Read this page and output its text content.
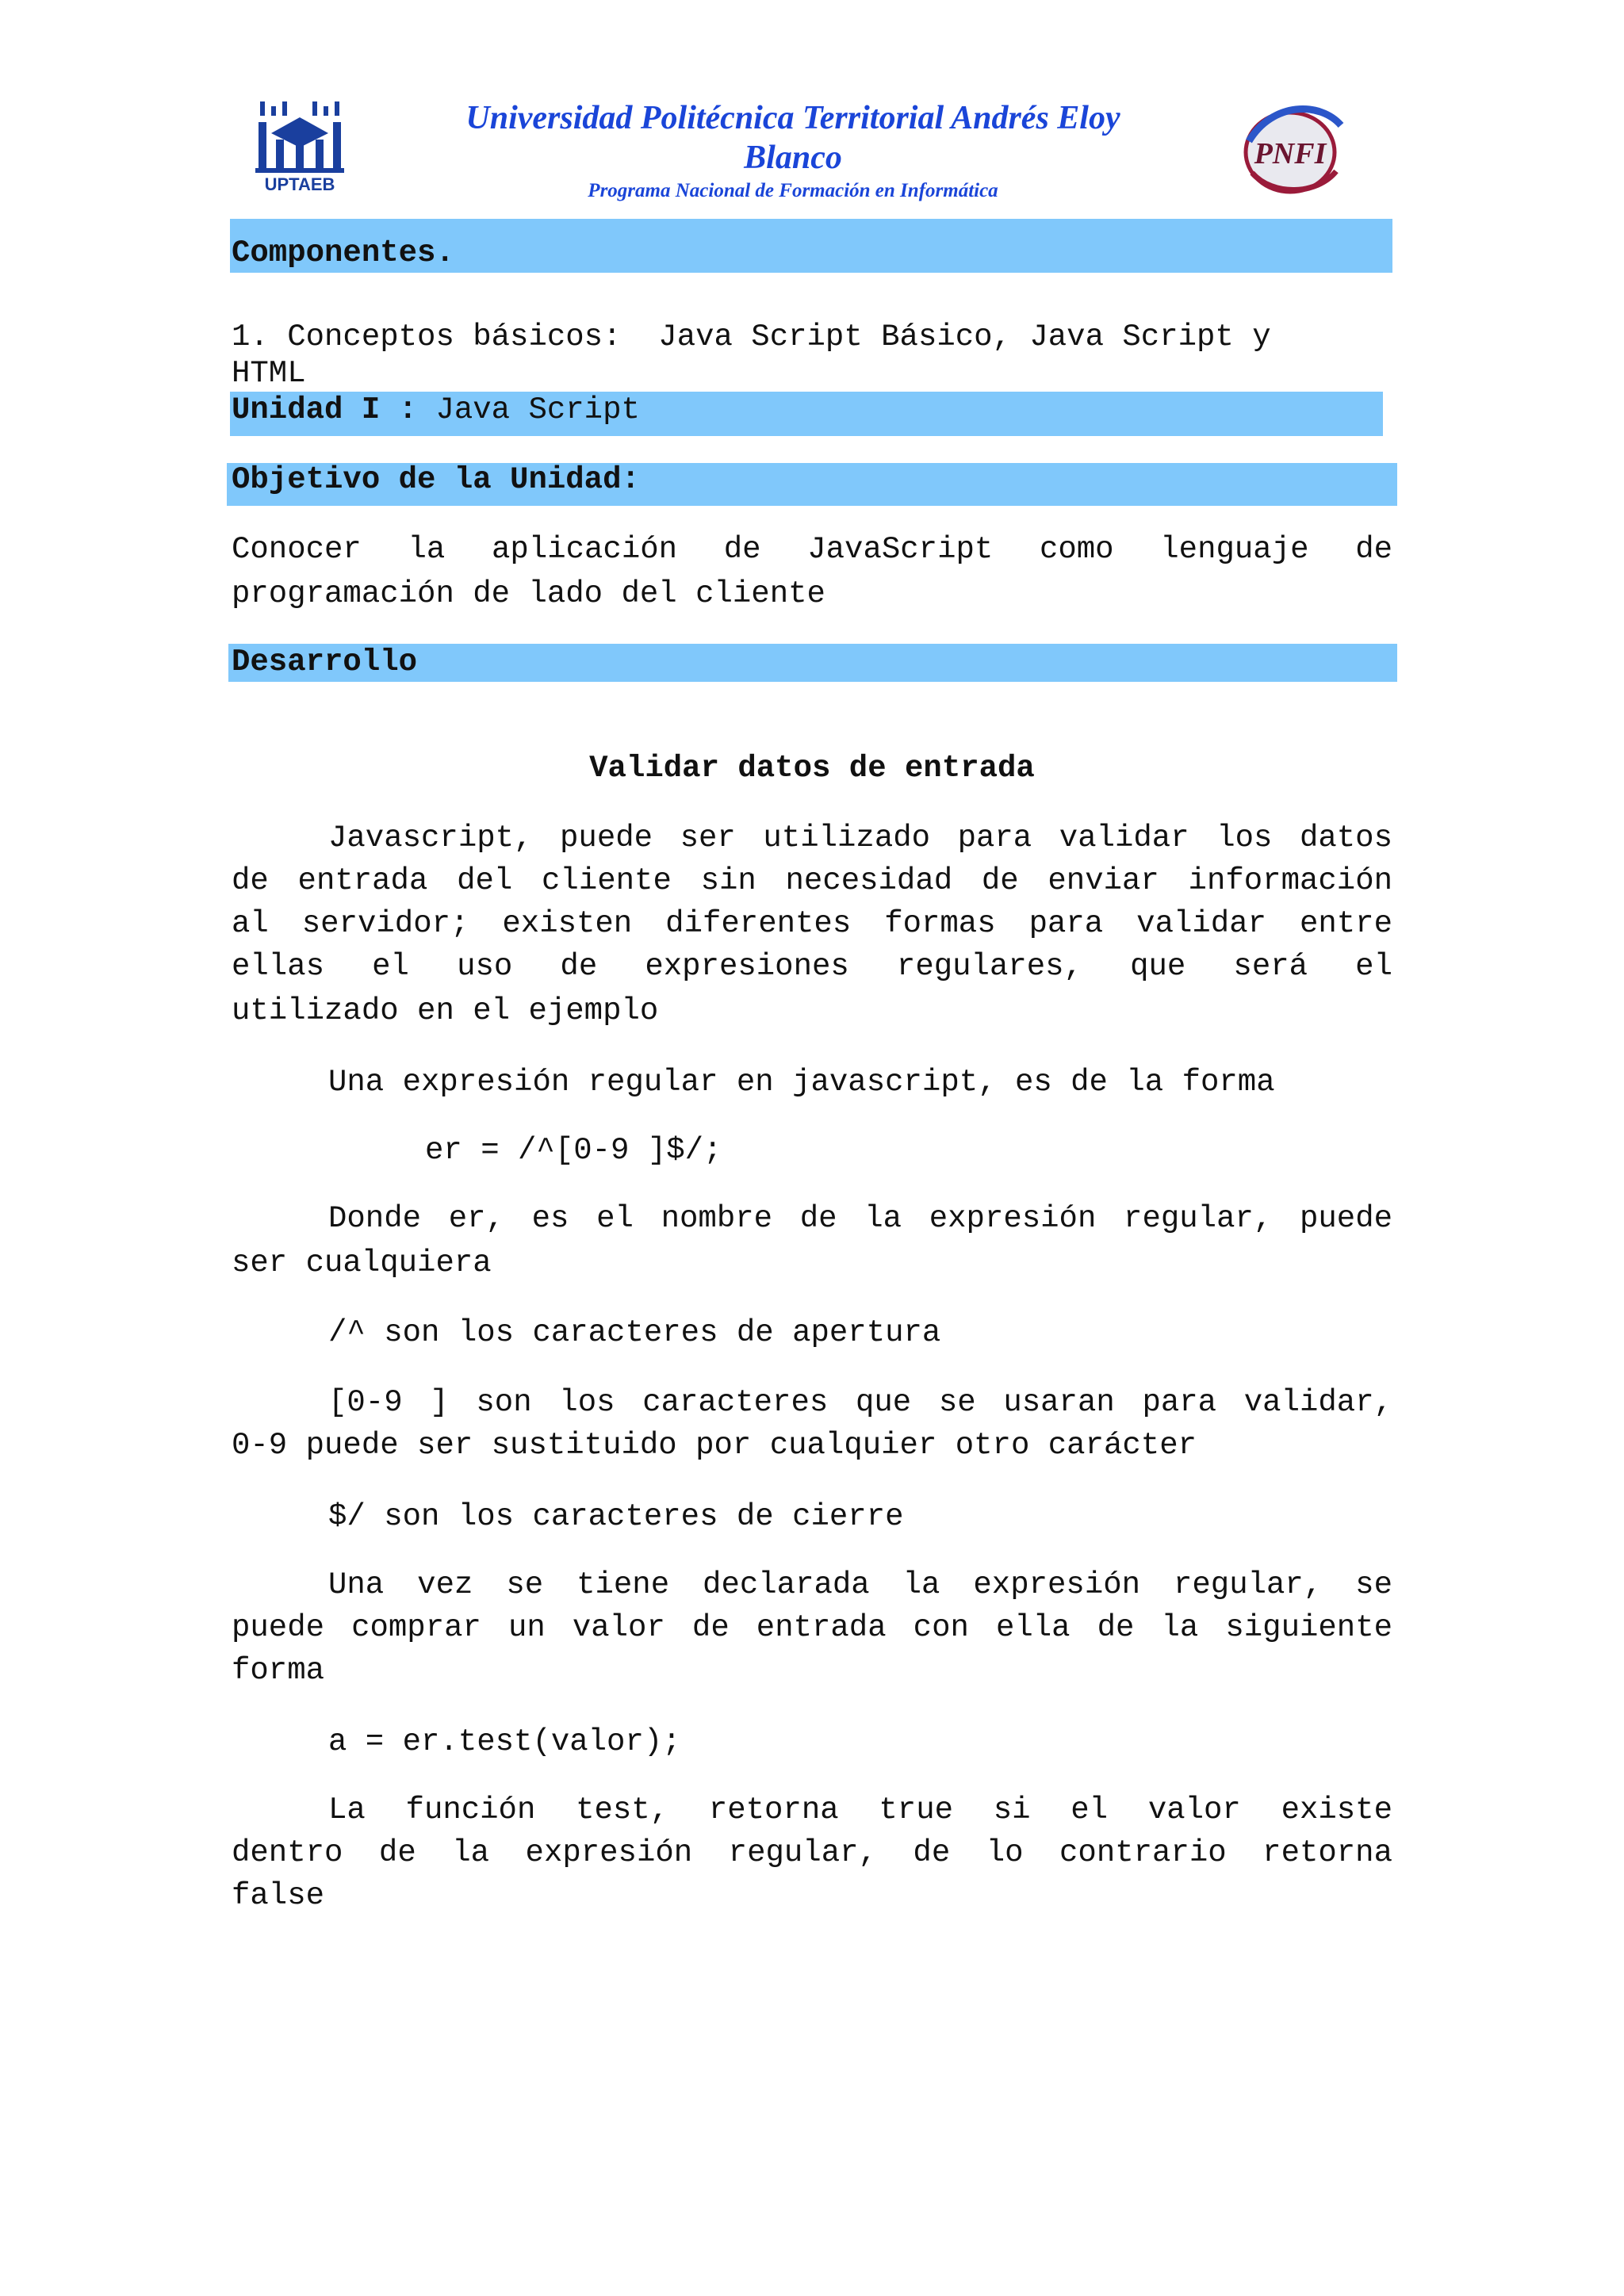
UPTAEB
PNFI
Universidad Politécnica Territorial Andrés Eloy
Blanco
Programa Nacional de Formación en Informática
Componentes.
1. Conceptos básicos:  Java Script Básico, Java Script y
HTML
Unidad I : Java Script
Objetivo de la Unidad:
Conocer la aplicación de JavaScript como lenguaje de
programación de lado del cliente
Desarrollo
Validar datos de entrada
Javascript, puede ser utilizado para validar los datos
de entrada del cliente sin necesidad de enviar información
al servidor; existen diferentes formas para validar entre
ellas el uso de expresiones regulares, que será el
utilizado en el ejemplo
Una expresión regular en javascript, es de la forma
er = /^[0-9 ]$/;
Donde er, es el nombre de la expresión regular, puede
ser cualquiera
/^ son los caracteres de apertura
[0-9 ] son los caracteres que se usaran para validar,
0-9 puede ser sustituido por cualquier otro carácter
$/ son los caracteres de cierre
Una vez se tiene declarada la expresión regular, se
puede comprar un valor de entrada con ella de la siguiente
forma
a = er.test(valor);
La función test, retorna true si el valor existe
dentro de la expresión regular, de lo contrario retorna
false
